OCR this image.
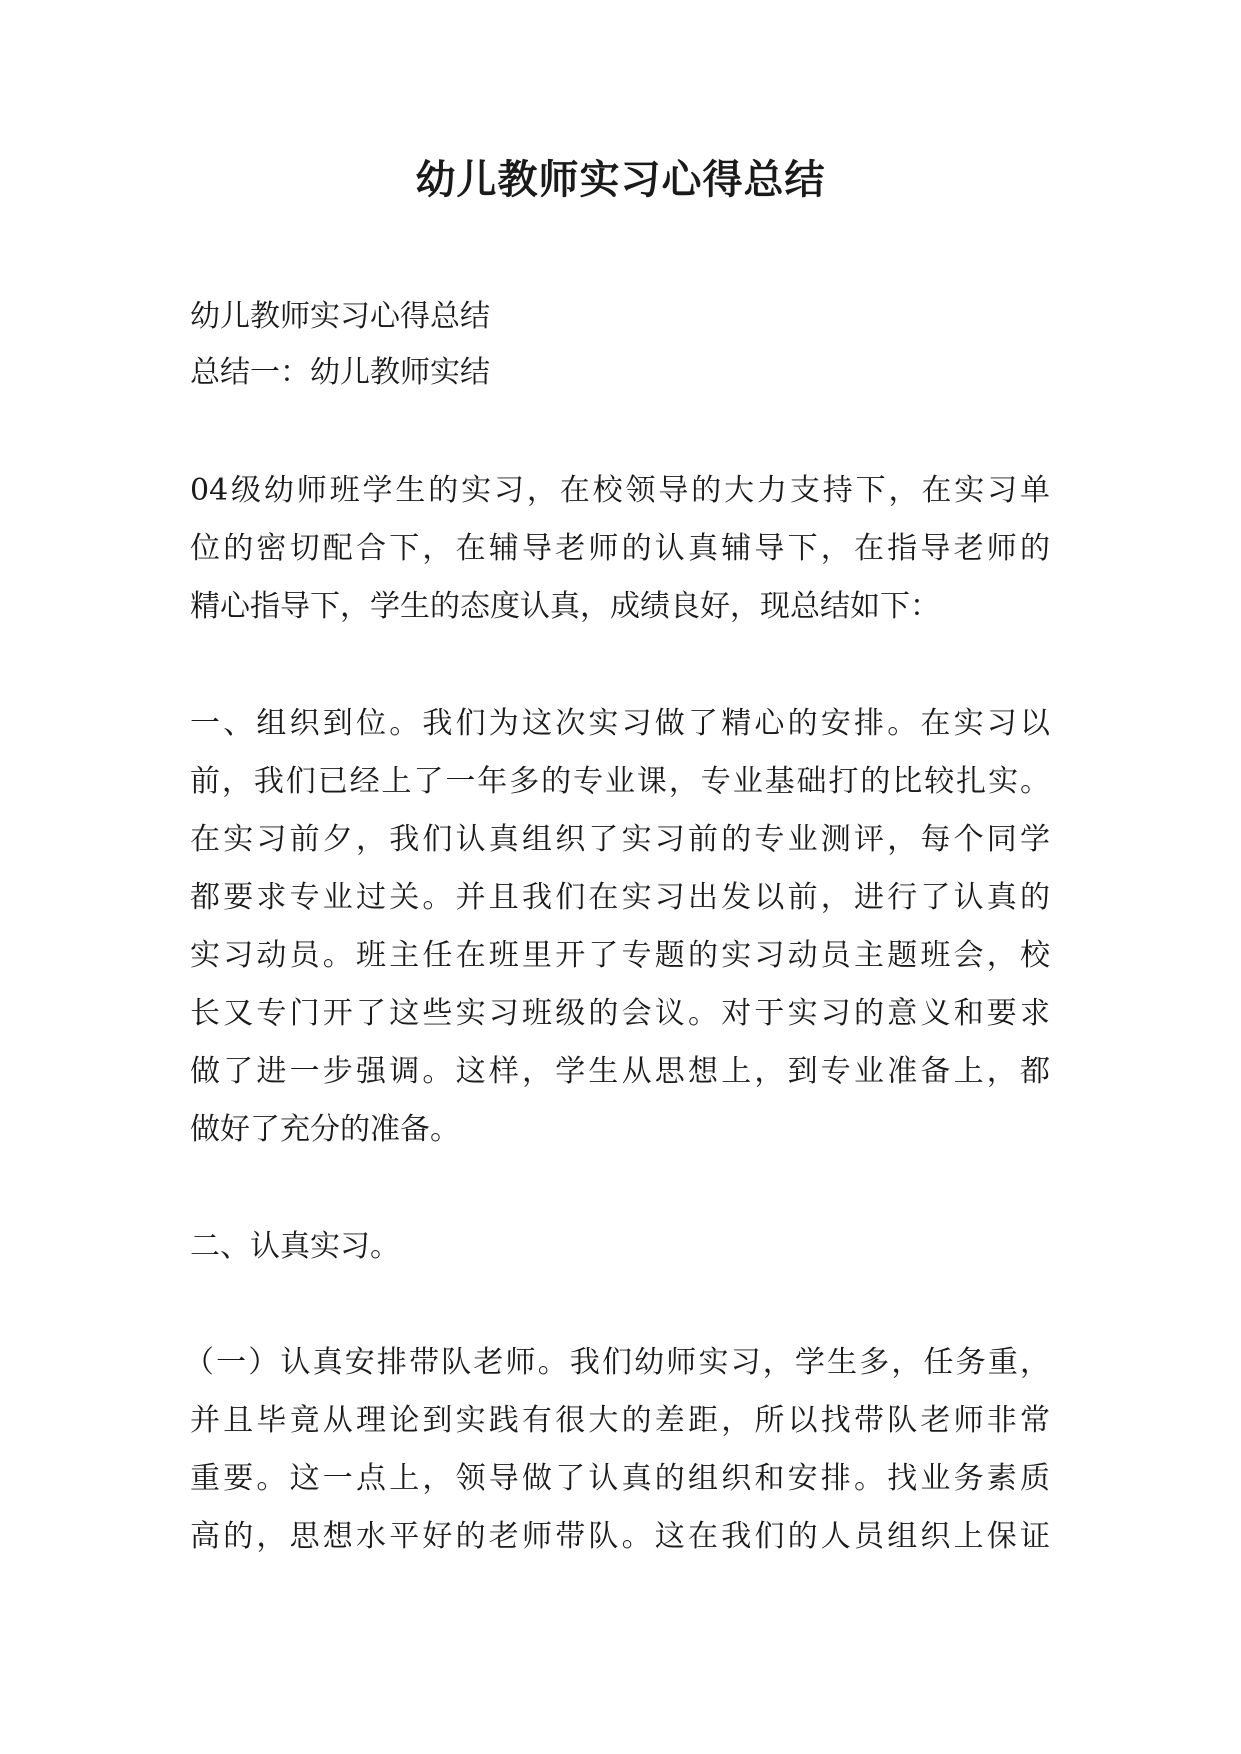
幼儿教师实习心得总结

幼儿教师实习心得总结

总结一：幼儿教师实结

04级幼师班学生的实习，在校领导的大力支持下，在实习单

位的密切配合下，在辅导老师的认真辅导下，在指导老师的

精心指导下，学生的态度认真，成绩良好，现总结如下：

一、组织到位。我们为这次实习做了精心的安排。在实习以

前，我们已经上了一年多的专业课，专业基础打的比较扎实。

在实习前夕，我们认真组织了实习前的专业测评，每个同学

都要求专业过关。并且我们在实习出发以前，进行了认真的

实习动员。班主任在班里开了专题的实习动员主题班会，校

长又专门开了这些实习班级的会议。对于实习的意义和要求

做了进一步强调。这样，学生从思想上，到专业准备上，都

做好了充分的准备。

二、认真实习。

（一）认真安排带队老师。我们幼师实习，学生多，任务重，

并且毕竟从理论到实践有很大的差距，所以找带队老师非常

重要。这一点上，领导做了认真的组织和安排。找业务素质

高的，思想水平好的老师带队。这在我们的人员组织上保证
